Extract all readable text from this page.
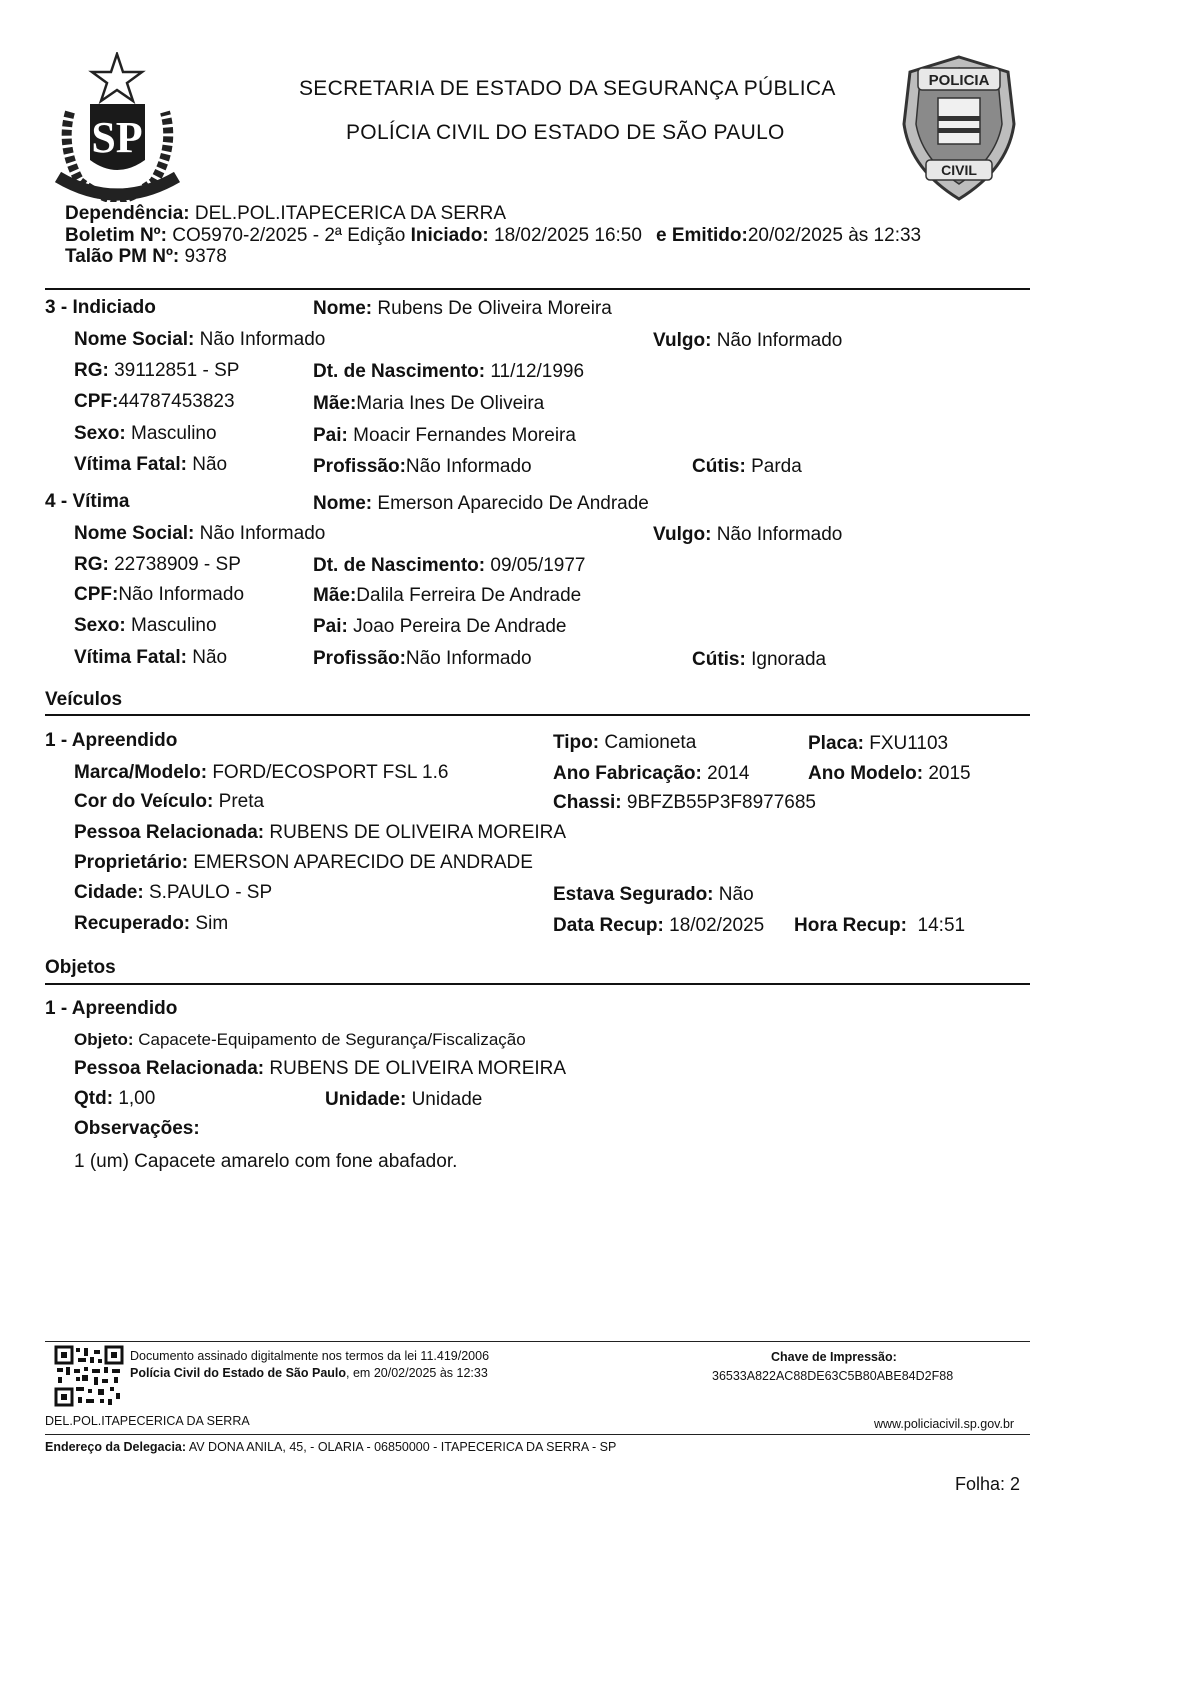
SP
SECRETARIA DE ESTADO DA SEGURANÇA PÚBLICA
POLÍCIA CIVIL DO ESTADO DE SÃO PAULO
POLICIA
CIVIL
Dependência: DEL.POL.ITAPECERICA DA SERRA
Boletim Nº: CO5970-2/2025 - 2ª Edição Iniciado: 18/02/2025 16:50 e Emitido:20/02/2025 às 12:33
Talão PM Nº: 9378
3 - Indiciado	Nome: Rubens De Oliveira Moreira
Nome Social: Não Informado	Vulgo: Não Informado
RG: 39112851 - SP	Dt. de Nascimento: 11/12/1996
CPF:44787453823	Mãe:Maria Ines De Oliveira
Sexo: Masculino	Pai: Moacir Fernandes Moreira
Vítima Fatal: Não	Profissão:Não Informado	Cútis: Parda
4 - Vítima	Nome: Emerson Aparecido De Andrade
Nome Social: Não Informado	Vulgo: Não Informado
RG: 22738909 - SP	Dt. de Nascimento: 09/05/1977
CPF:Não Informado	Mãe:Dalila Ferreira De Andrade
Sexo: Masculino	Pai: Joao Pereira De Andrade
Vítima Fatal: Não	Profissão:Não Informado	Cútis: Ignorada
Veículos
1 - Apreendido	Tipo: Camioneta	Placa: FXU1103
Marca/Modelo: FORD/ECOSPORT FSL 1.6	Ano Fabricação: 2014	Ano Modelo: 2015
Cor do Veículo: Preta	Chassi: 9BFZB55P3F8977685
Pessoa Relacionada: RUBENS DE OLIVEIRA MOREIRA
Proprietário: EMERSON APARECIDO DE ANDRADE
Cidade: S.PAULO - SP	Estava Segurado: Não
Recuperado: Sim	Data Recup: 18/02/2025 Hora Recup: 14:51
Objetos
1 - Apreendido
Objeto: Capacete-Equipamento de Segurança/Fiscalização
Pessoa Relacionada: RUBENS DE OLIVEIRA MOREIRA
Qtd: 1,00	Unidade: Unidade
Observações:
1 (um) Capacete amarelo com fone abafador.
Documento assinado digitalmente nos termos da lei 11.419/2006
Polícia Civil do Estado de São Paulo, em 20/02/2025 às 12:33
Chave de Impressão:
36533A822AC88DE63C5B80ABE84D2F88
DEL.POL.ITAPECERICA DA SERRA	www.policiacivil.sp.gov.br
Endereço da Delegacia: AV DONA ANILA, 45, - OLARIA - 06850000 - ITAPECERICA DA SERRA - SP
Folha: 2
